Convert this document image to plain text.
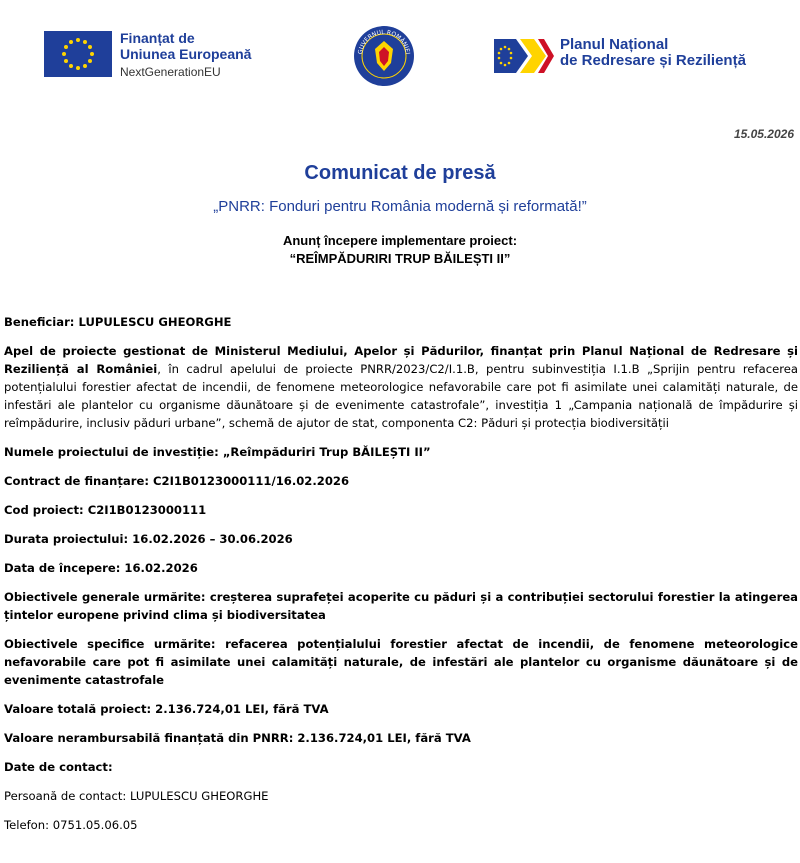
Finanțat de
Uniunea Europeană
NextGenerationEU
GUVERNUL ROMÂNIEI
Planul Național
de Redresare și Reziliență
15.05.2026
Comunicat de presă
„PNRR: Fonduri pentru România modernă și reformată!”
Anunț începere implementare proiect:
“REÎMPĂDURIRI TRUP BĂILEȘTI II”

Beneficiar: LUPULESCU GHEORGHE

Apel de proiecte gestionat de Ministerul Mediului, Apelor și Pădurilor, finanțat prin Planul Național de Redresare și Reziliență al României, în cadrul apelului de proiecte PNRR/2023/C2/I.1.B, pentru subinvestiția I.1.B „Sprijin pentru refacerea potențialului forestier afectat de incendii, de fenomene meteorologice nefavorabile care pot fi asimilate unei calamități naturale, de infestări ale plantelor cu organisme dăunătoare și de evenimente catastrofale”, investiția 1 „Campania națională de împădurire și reîmpădurire, inclusiv păduri urbane”, schemă de ajutor de stat, componenta C2: Păduri și protecția biodiversității

Numele proiectului de investiție: „Reîmpăduriri Trup BĂILEȘTI II”

Contract de finanțare: C2I1B0123000111/16.02.2026

Cod proiect: C2I1B0123000111

Durata proiectului: 16.02.2026 – 30.06.2026

Data de începere: 16.02.2026

Obiectivele generale urmărite: creșterea suprafeței acoperite cu păduri și a contribuției sectorului forestier la atingerea țintelor europene privind clima și biodiversitatea

Obiectivele specifice urmărite: refacerea potențialului forestier afectat de incendii, de fenomene meteorologice nefavorabile care pot fi asimilate unei calamități naturale, de infestări ale plantelor cu organisme dăunătoare și de evenimente catastrofale

Valoare totală proiect: 2.136.724,01 LEI, fără TVA

Valoare nerambursabilă finanțată din PNRR: 2.136.724,01 LEI, fără TVA

Date de contact:

Persoană de contact: LUPULESCU GHEORGHE

Telefon: 0751.05.06.05
